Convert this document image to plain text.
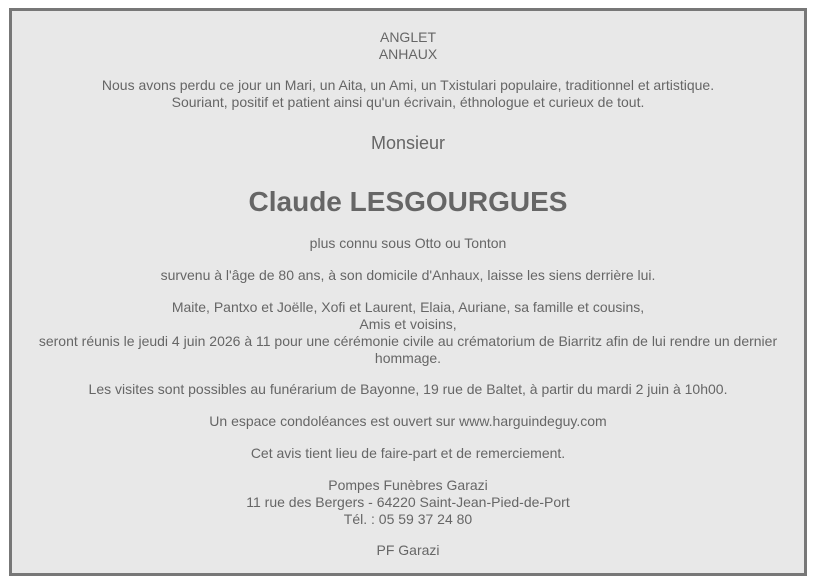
ANGLET
ANHAUX
Nous avons perdu ce jour un Mari, un Aita, un Ami, un Txistulari populaire, traditionnel et artistique.
Souriant, positif et patient ainsi qu'un écrivain, éthnologue et curieux de tout.
Monsieur
Claude LESGOURGUES
plus connu sous Otto ou Tonton
survenu à l'âge de 80 ans, à son domicile d'Anhaux, laisse les siens derrière lui.
Maite, Pantxo et Joëlle, Xofi et Laurent, Elaia, Auriane, sa famille et cousins,
Amis et voisins,
seront réunis le jeudi 4 juin 2026 à 11 pour une cérémonie civile au crématorium de Biarritz afin de lui rendre un dernier hommage.
Les visites sont possibles au funérarium de Bayonne, 19 rue de Baltet, à partir du mardi 2 juin à 10h00.
Un espace condoléances est ouvert sur www.harguindeguy.com
Cet avis tient lieu de faire-part et de remerciement.
Pompes Funèbres Garazi
11 rue des Bergers - 64220 Saint-Jean-Pied-de-Port
Tél. : 05 59 37 24 80
PF Garazi
